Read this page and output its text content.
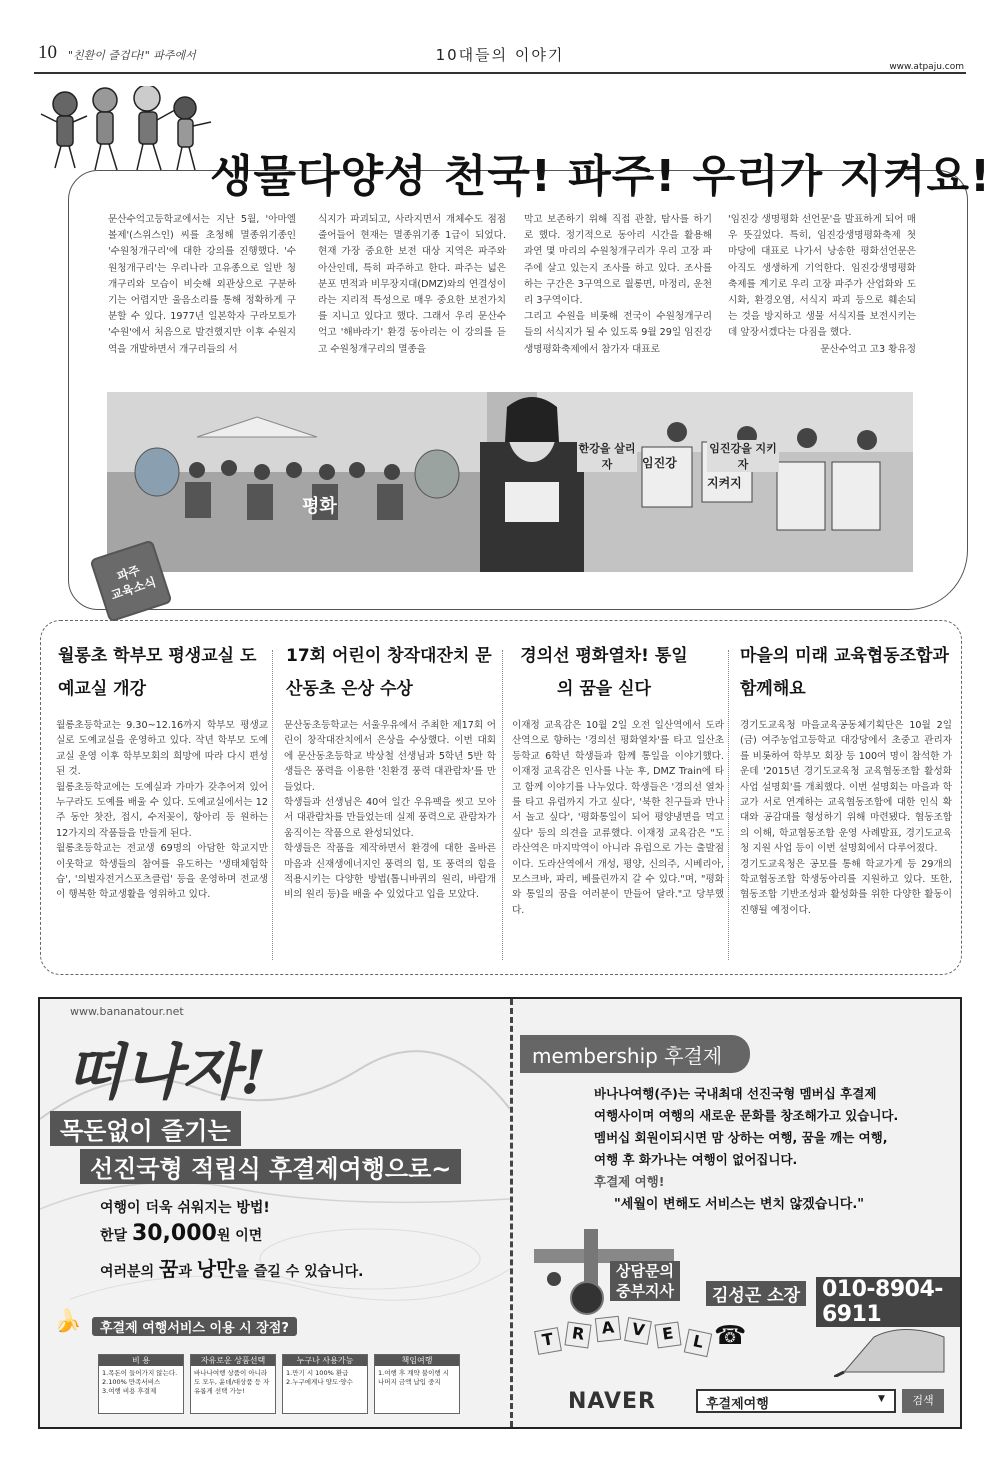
10 "친환이 즐겁다!" 파주에서	10대들의 이야기
www.atpaju.com
생물다양성 천국! 파주! 우리가 지켜요!
문산수억고등학교에서는 지난 5월, '아마엘 볼제'(스위스인) 씨를 초청해 멸종위기종인 '수원청개구리'에 대한 강의를 진행했다. '수원청개구리'는 우리나라 고유종으로 일반 청개구리와 모습이 비슷해 외관상으로 구분하기는 어렵지만 울음소리를 통해 정확하게 구분할 수 있다. 1977년 일본학자 구라모토가 '수원'에서 처음으로 발견했지만 이후 수원지역을 개발하면서 개구리들의 서
식지가 파괴되고, 사라지면서 개체수도 점점 줄어들어 현재는 멸종위기종 1급이 되었다. 현재 가장 중요한 보전 대상 지역은 파주와 아산인데, 특히 파주하고 한다. 파주는 넓은 분포 면적과 비무장지대(DMZ)와의 연결성이라는 지리적 특성으로 매우 중요한 보전가치를 지니고 있다고 했다. 그래서 우리 문산수억고 '해바라기' 환경 동아리는 이 강의를 듣고 수원청개구리의 멸종을
막고 보존하기 위해 직접 관찰, 탐사를 하기로 했다. 정기적으로 동아리 시간을 활용해 과연 몇 마리의 수원청개구리가 우리 고장 파주에 살고 있는지 조사를 하고 있다. 조사를 하는 구간은 3구역으로 월롱면, 마정리, 운천리 3구역이다.
그리고 수원을 비롯해 전국이 수원청개구리들의 서식지가 될 수 있도록 9월 29일 임진강 생명평화축제에서 참가자 대표로
'임진강 생명평화 선언문'을 발표하게 되어 매우 뜻깊었다. 특히, 임진강생명평화축제 첫 마당에 대표로 나가서 낭송한 평화선언문은 아직도 생생하게 기억한다. 임진강생명평화축제를 계기로 우리 고장 파주가 산업화와 도시화, 환경오염, 서식지 파괴 등으로 훼손되는 것을 방지하고 생물 서식지를 보전시키는데 앞장서겠다는 다짐을 했다.
문산수억고 고3 황유정
평화
임진강
지켜지
한강을 살리자
임진강을 지키자
파주
교육소식
월롱초 학부모 평생교실 도예교실 개강
17회 어린이 창작대잔치 문산동초 은상 수상
경의선 평화열차! 통일의 꿈을 싣다
마을의 미래 교육협동조합과 함께해요
월롱초등학교는 9.30~12.16까지 학부모 평생교실로 도예교실을 운영하고 있다. 작년 학부모 도예교실 운영 이후 학부모회의 희망에 따라 다시 편성된 것.
월롱초등학교에는 도예실과 가마가 갖추어져 있어 누구라도 도예를 배울 수 있다. 도예교실에서는 12주 동안 찻잔, 접시, 수저꽂이, 항아리 등 원하는 12가지의 작품들을 만들게 된다.
월롱초등학교는 전교생 69명의 아담한 학교지만 이웃학교 학생들의 참여를 유도하는 '생태체험학습', '의벌자전거스포츠클럽' 등을 운영하며 전교생이 행복한 학교생활을 영위하고 있다.
문산동초등학교는 서울우유에서 주최한 제17회 어린이 창작대잔치에서 은상을 수상했다. 이번 대회에 문산동초등학교 박상철 선생님과 5학년 5반 학생들은 풍력을 이용한 '친환경 풍력 대관람차'를 만들었다.
학생들과 선생님은 40여 일간 우유팩을 씻고 모아서 대관람차를 만들었는데 실제 풍력으로 관람차가 움직이는 작품으로 완성되었다.
학생들은 작품을 제작하면서 환경에 대한 올바른 마음과 신재생에너지인 풍력의 힘, 또 풍력의 힘을 적용시키는 다양한 방법(톱니바퀴의 원리, 바람개비의 원리 등)을 배울 수 있었다고 입을 모았다.
이재정 교육감은 10월 2일 오전 일산역에서 도라산역으로 향하는 '경의선 평화열차'를 타고 일산초등학교 6학년 학생들과 함께 통일을 이야기했다. 이재정 교육감은 인사를 나눈 후, DMZ Train에 타고 함께 이야기를 나누었다. 학생들은 '경의선 열차를 타고 유럽까지 가고 싶다', '북한 친구들과 만나서 놀고 싶다', '평화통일이 되어 평양냉면을 먹고 싶다' 등의 의견을 교류했다. 이재정 교육감은 "도라산역은 마지막역이 아니라 유럽으로 가는 출발점이다. 도라산역에서 개성, 평양, 신의주, 시베리아, 모스크바, 파리, 베를린까지 갈 수 있다."며, "평화와 통일의 꿈을 여러분이 만들어 달라."고 당부했다.
경기도교육청 마을교육공동체기획단은 10월 2일(금) 여주농업고등학교 대강당에서 초중고 관리자를 비롯하여 학부모 회장 등 100여 명이 참석한 가운데 '2015년 경기도교육청 교육협동조합 활성화 사업 설명회'를 개최했다. 이번 설명회는 마을과 학교가 서로 연계하는 교육협동조합에 대한 인식 확대와 공감대를 형성하기 위해 마련됐다. 협동조합의 이해, 학교협동조합 운영 사례발표, 경기도교육청 지원 사업 등이 이번 설명회에서 다루어졌다.
경기도교육청은 공모를 통해 학교가게 등 29개의 학교협동조합 학생동아리를 지원하고 있다. 또한, 협동조합 기반조성과 활성화를 위한 다양한 활동이 진행될 예정이다.
www.bananatour.net
떠나자!
목돈없이 즐기는
선진국형 적립식 후결제여행으로~
여행이 더욱 쉬워지는 방법!
한달 30,000원 이면
여러분의 꿈과 낭만을 즐길 수 있습니다.
🍌	후결제 여행서비스 이용 시 장점?
비 용
1.목돈이 들어가지 않는다.
2.100% 만족서비스
3.여행 비용 후결제
자유로운 상품선택
바나나여행 상품이 아니라도 모두, 윤데/대상품 등 자유롭게 선택 가능!
누구나 사용가능
1.만기 시 100% 환급
2.누구에게나 양도·양수
책임여행
1.여행 후 계약 불이행 시 나머지 금액 납입 중지
membership 후결제
바나나여행(주)는 국내최대 선진국형 멤버십 후결제
여행사이며 여행의 새로운 문화를 창조해가고 있습니다.
멤버십 회원이되시면 맘 상하는 여행, 꿈을 깨는 여행,
여행 후 화가나는 여행이 없어집니다.
후결제 여행!
"세월이 변해도 서비스는 변치 않겠습니다."
상담문의
중부지사	김성곤 소장 010-8904-6911
T	R A V E	L ☎
NAVER	후결제여행	▼	검색
